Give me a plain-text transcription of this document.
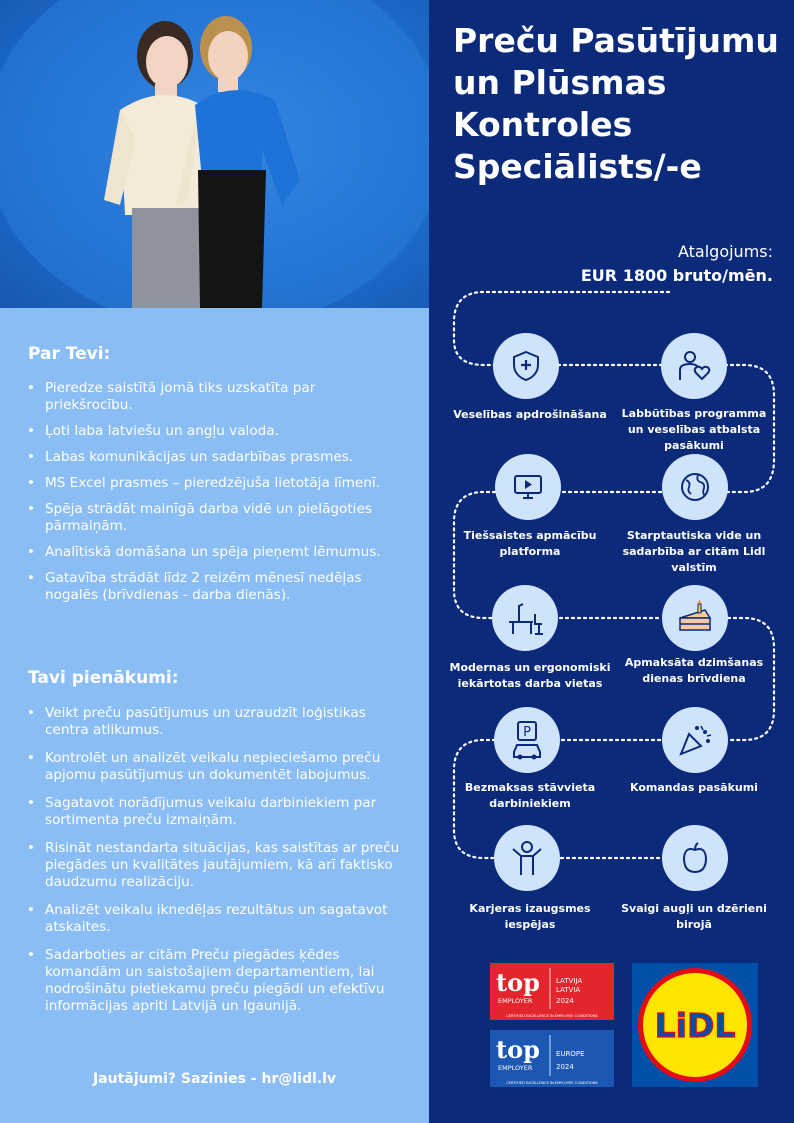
Par Tevi:
• Pieredze saistītā jomā tiks uzskatīta par priekšrocību.
• Ļoti laba latviešu un angļu valoda.
• Labas komunikācijas un sadarbības prasmes.
• MS Excel prasmes – pieredzējuša lietotāja līmenī.
• Spēja strādāt mainīgā darba vidē un pielāgoties pārmaiņām.
• Analītiskā domāšana un spēja pieņemt lēmumus.
• Gatavība strādāt līdz 2 reizēm mēnesī nedēļas nogalēs (brīvdienas - darba dienās).
Tavi pienākumi:
• Veikt preču pasūtījumus un uzraudzīt loģistikas centra atlikumus.
• Kontrolēt un analizēt veikalu nepieciešamo preču apjomu pasūtījumus un dokumentēt labojumus.
• Sagatavot norādījumus veikalu darbiniekiem par sortimenta preču izmaiņām.
• Risināt nestandarta situācijas, kas saistītas ar preču piegādes un kvalitātes jautājumiem, kā arī faktisko daudzumu realizāciju.
• Analizēt veikalu iknedēļas rezultātus un sagatavot atskaites.
• Sadarboties ar citām Preču piegādes ķēdes komandām un saistošajiem departamentiem, lai nodrošinātu pietiekamu preču piegādi un efektīvu informācijas apriti Latvijā un Igaunijā.
Jautājumi? Sazinies - hr@lidl.lv
Preču Pasūtījumu un Plūsmas Kontroles Speciālists/-e
Atalgojums:
EUR 1800 bruto/mēn.
P
Veselības apdrošināšana	Labbūtības programma un veselības atbalsta pasākumi
Tiešsaistes apmācību platforma
Starptautiska vide un sadarbība ar citām Lidl valstīm
Modernas un ergonomiski iekārtotas darba vietas
Apmaksāta dzimšanas dienas brīvdiena
Bezmaksas stāvvieta darbiniekiem
Komandas pasākumi
Karjeras izaugsmes iespējas
Svaigi augļi un dzērieni birojā
top
EMPLOYER
LATVIJA
LATVIA
2024
CERTIFIED EXCELLENCE IN EMPLOYEE CONDITIONS
top
EMPLOYER
EUROPE
2024
CERTIFIED EXCELLENCE IN EMPLOYEE CONDITIONS
LiDL
